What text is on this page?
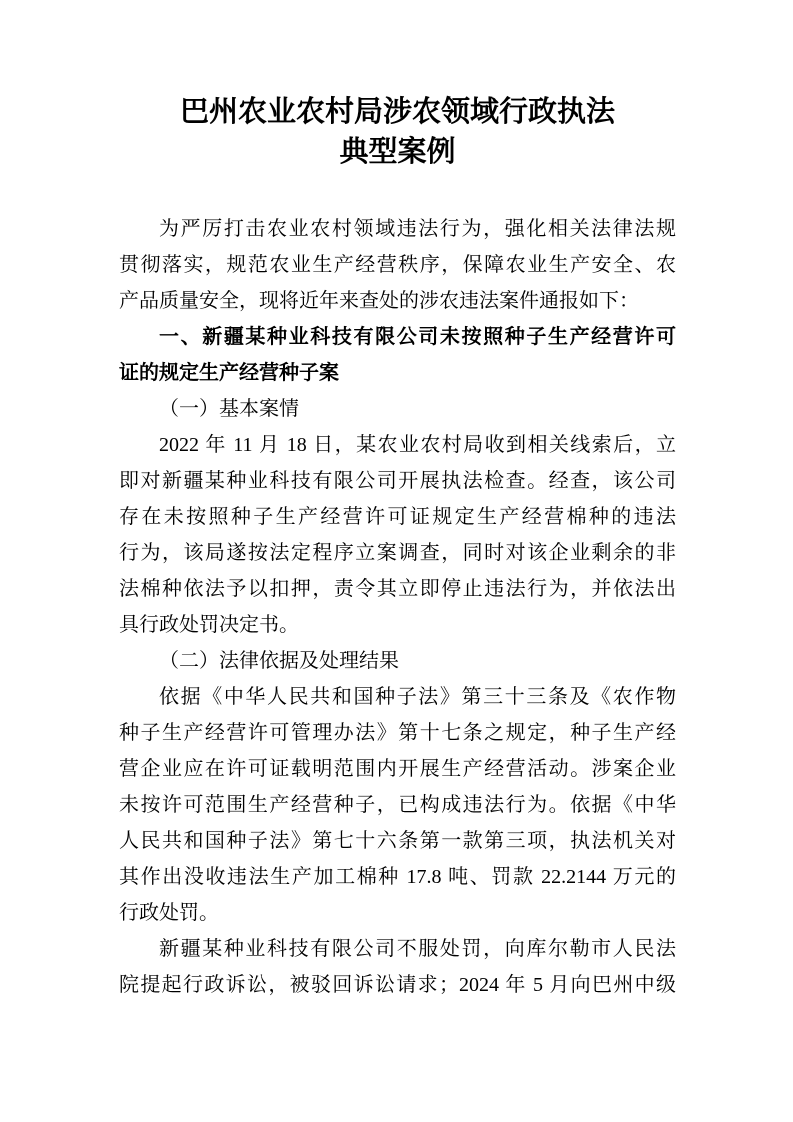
巴州农业农村局涉农领域行政执法
典型案例
为严厉打击农业农村领域违法行为，强化相关法律法规
贯彻落实，规范农业生产经营秩序，保障农业生产安全、农
产品质量安全，现将近年来查处的涉农违法案件通报如下：
一、新疆某种业科技有限公司未按照种子生产经营许可
证的规定生产经营种子案
（一）基本案情
2022 年 11 月 18 日，某农业农村局收到相关线索后，立
即对新疆某种业科技有限公司开展执法检查。经查，该公司
存在未按照种子生产经营许可证规定生产经营棉种的违法
行为，该局遂按法定程序立案调查，同时对该企业剩余的非
法棉种依法予以扣押，责令其立即停止违法行为，并依法出
具行政处罚决定书。
（二）法律依据及处理结果
依据《中华人民共和国种子法》第三十三条及《农作物
种子生产经营许可管理办法》第十七条之规定，种子生产经
营企业应在许可证载明范围内开展生产经营活动。涉案企业
未按许可范围生产经营种子，已构成违法行为。依据《中华
人民共和国种子法》第七十六条第一款第三项，执法机关对
其作出没收违法生产加工棉种 17.8 吨、罚款 22.2144 万元的
行政处罚。
新疆某种业科技有限公司不服处罚，向库尔勒市人民法
院提起行政诉讼，被驳回诉讼请求；2024 年 5 月向巴州中级
